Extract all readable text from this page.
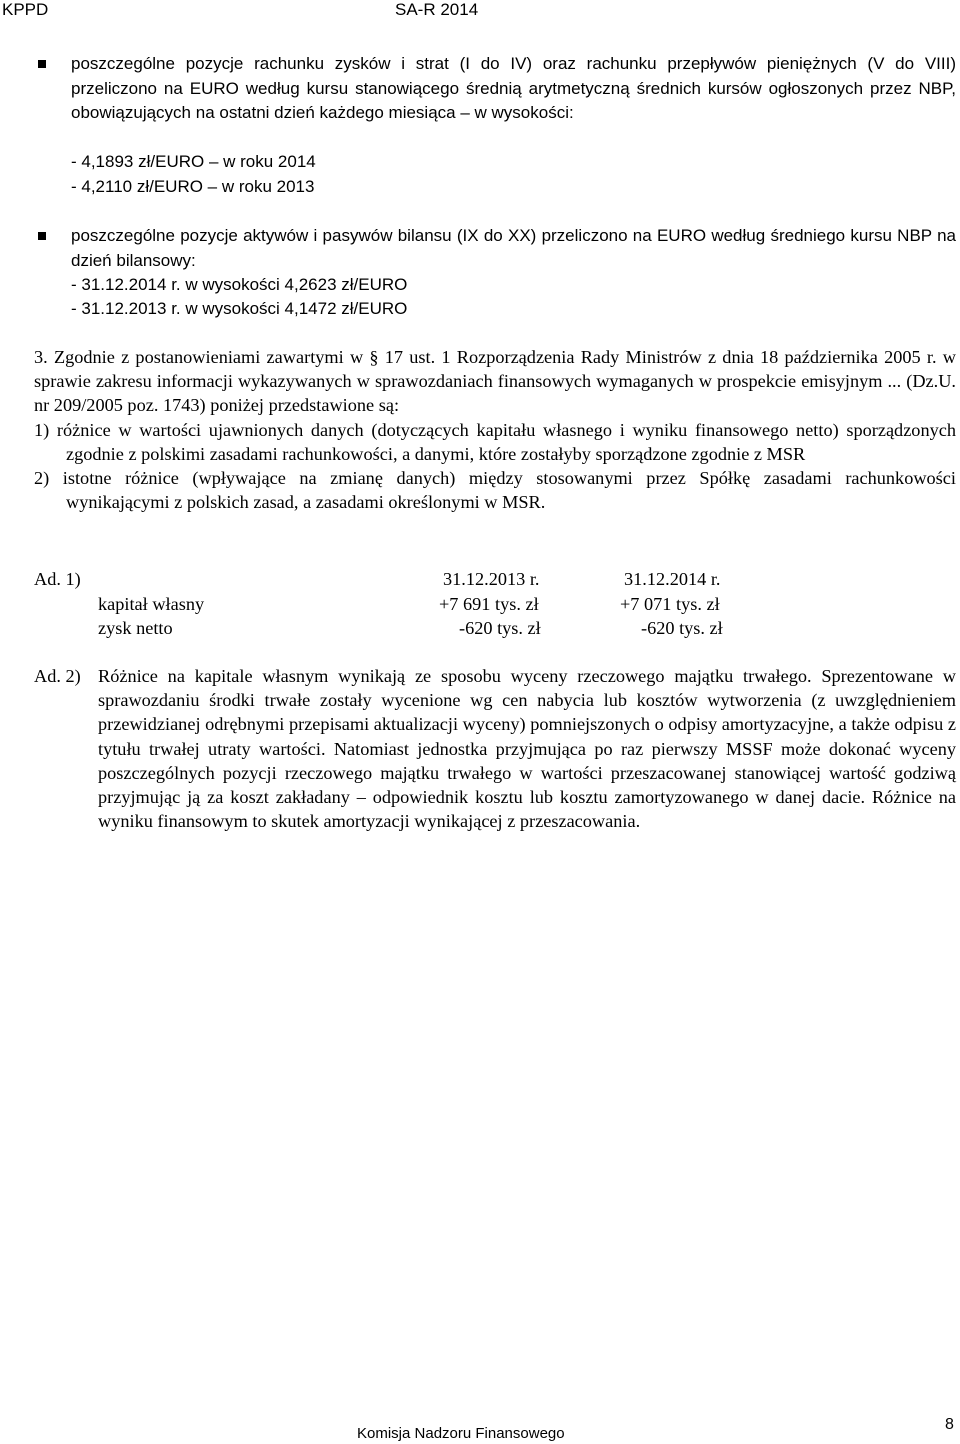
KPPD	SA-R 2014
poszczególne pozycje rachunku zysków i strat (I do IV) oraz rachunku przepływów pieniężnych (V do VIII) przeliczono na EURO według kursu stanowiącego średnią arytmetyczną średnich kursów ogłoszonych przez NBP, obowiązujących na ostatni dzień każdego miesiąca – w wysokości:
- 4,1893 zł/EURO – w roku 2014
- 4,2110 zł/EURO – w roku 2013
poszczególne pozycje aktywów i pasywów bilansu (IX do XX) przeliczono na EURO według średniego kursu NBP na dzień bilansowy:
- 31.12.2014 r. w wysokości 4,2623 zł/EURO
- 31.12.2013 r. w wysokości 4,1472 zł/EURO

3. Zgodnie z postanowieniami zawartymi w § 17 ust. 1 Rozporządzenia Rady Ministrów z dnia 18 października 2005 r. w sprawie zakresu informacji wykazywanych w sprawozdaniach finansowych wymaganych w prospekcie emisyjnym ... (Dz.U. nr 209/2005 poz. 1743) poniżej przedstawione są:

1) różnice w wartości ujawnionych danych (dotyczących kapitału własnego i wyniku finansowego netto) sporządzonych zgodnie z polskimi zasadami rachunkowości, a danymi, które zostałyby sporządzone zgodnie z MSR

2) istotne różnice (wpływające na zmianę danych) między stosowanymi przez Spółkę zasadami rachunkowości wynikającymi z polskich zasad, a zasadami określonymi w MSR.

Ad. 1)	31.12.2013 r.	31.12.2014 r.
kapitał własny	+7 691 tys. zł	+7 071 tys. zł
zysk netto	-620 tys. zł	-620 tys. zł
Ad. 2) Różnice na kapitale własnym wynikają ze sposobu wyceny rzeczowego majątku trwałego. Sprezentowane w sprawozdaniu środki trwałe zostały wycenione wg cen nabycia lub kosztów wytworzenia (z uwzględnieniem przewidzianej odrębnymi przepisami aktualizacji wyceny) pomniejszonych o odpisy amortyzacyjne, a także odpisu z tytułu trwałej utraty wartości. Natomiast jednostka przyjmująca po raz pierwszy MSSF może dokonać wyceny poszczególnych pozycji rzeczowego majątku trwałego w wartości przeszacowanej stanowiącej wartość godziwą przyjmując ją za koszt zakładany – odpowiednik kosztu lub kosztu zamortyzowanego w danej dacie. Różnice na wyniku finansowym to skutek amortyzacji wynikającej z przeszacowania.
Komisja Nadzoru Finansowego
8
